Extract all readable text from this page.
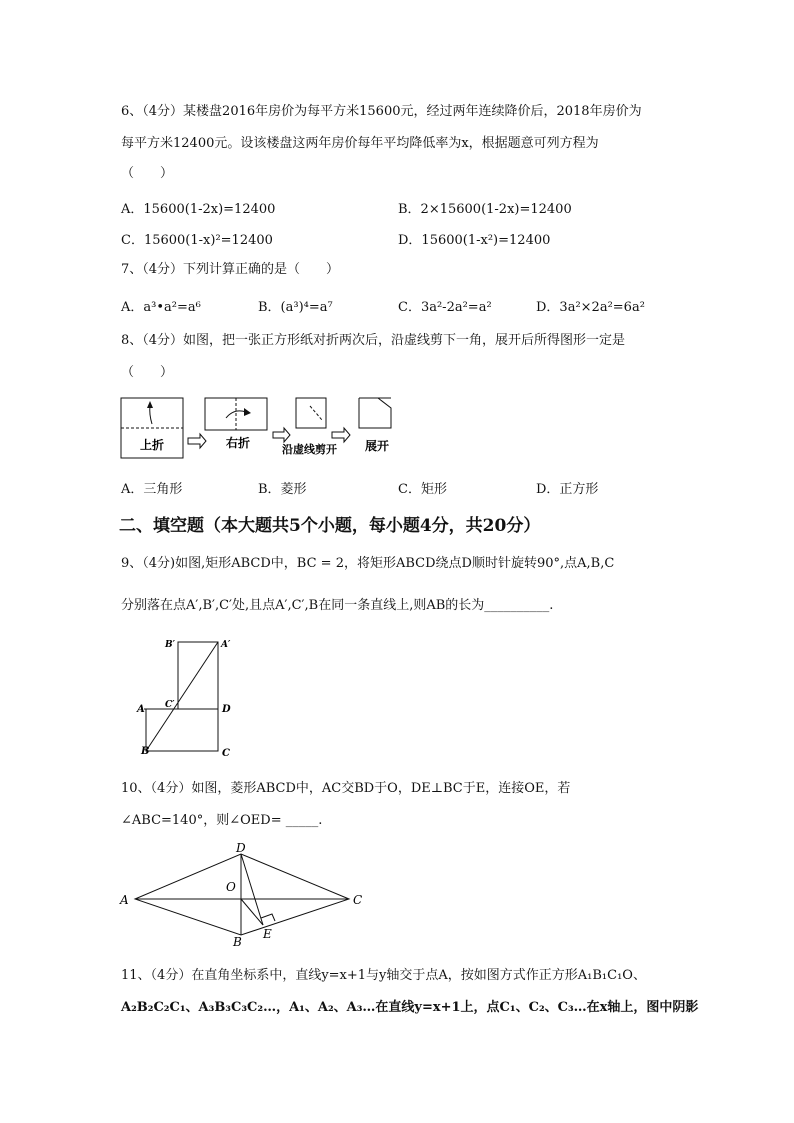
6、（4分）某楼盘2016年房价为每平方米15600元，经过两年连续降价后，2018年房价为
每平方米12400元。设该楼盘这两年房价每年平均降低率为x，根据题意可列方程为
（　　）
A．15600(1-2x)=12400	B．2×15600(1-2x)=12400
C．15600(1-x)²=12400	D．15600(1-x²)=12400
7、（4分）下列计算正确的是（　　）
A．a³•a²=a⁶	B．(a³)⁴=a⁷	C．3a²-2a²=a²	D．3a²×2a²=6a²
8、（4分）如图，把一张正方形纸对折两次后，沿虚线剪下一角，展开后所得图形一定是
（　　）
上折	右折	沿虚线剪开 展开
A．三角形	B．菱形	C．矩形	D．正方形
二、填空题（本大题共5个小题，每小题4分，共20分）
9、（4分)如图,矩形ABCD中，BC = 2，将矩形ABCD绕点D顺时针旋转90°,点A,B,C
分别落在点A′,B′,C′处,且点A′,C′,B在同一条直线上,则AB的长为__________.
B′	A′
C′
A	D
B	C
10、（4分）如图，菱形ABCD中，AC交BD于O，DE⊥BC于E，连接OE，若
∠ABC=140°，则∠OED= _____.
D
A
O
C
B
E
11、（4分）在直角坐标系中，直线y=x+1与y轴交于点A，按如图方式作正方形A₁B₁C₁O、
A₂B₂C₂C₁、A₃B₃C₃C₂…，A₁、A₂、A₃…在直线y=x+1上，点C₁、C₂、C₃…在x轴上，图中阴影
